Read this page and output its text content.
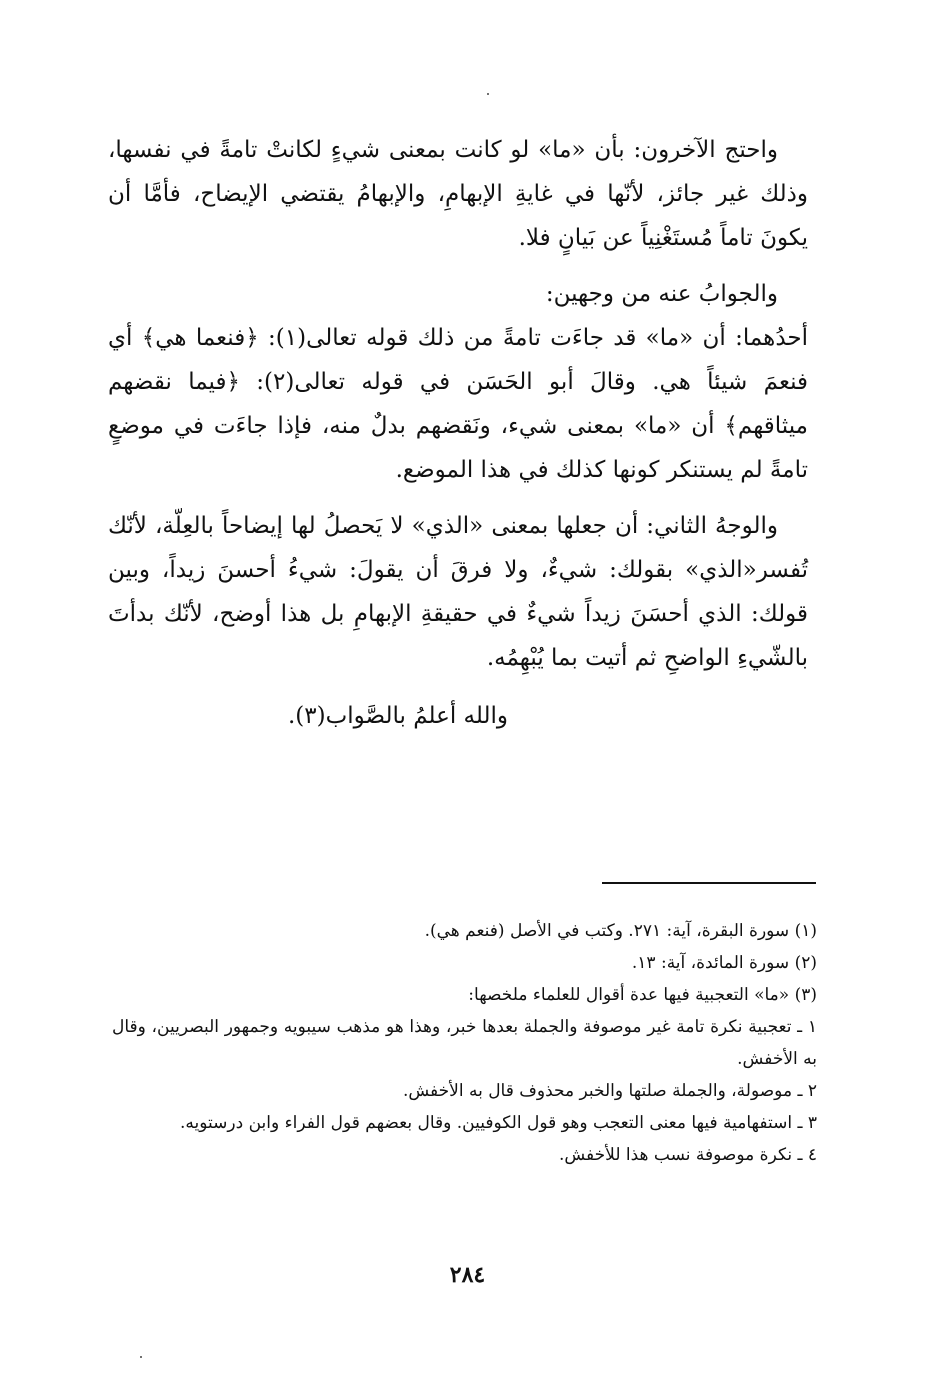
واحتج الآخرون: بأن «ما» لو كانت بمعنى شيءٍ لكانتْ تامةً في نفسها، وذلك غير جائز، لأنّها في غايةِ الإبهامِ، والإبهامُ يقتضي الإيضاح، فأمَّا أن يكونَ تاماً مُستَغْنِياً عن بَيانٍ فلا.

والجوابُ عنه من وجهين:

أحدُهما: أن «ما» قد جاءَت تامةً من ذلك قوله تعالى(١): ﴿فنعما هي﴾ أي فنعمَ شيئاً هي. وقالَ أبو الحَسَن في قوله تعالى(٢): ﴿فيما نقضهم ميثاقهم﴾ أن «ما» بمعنى شيء، ونَقضهم بدلٌ منه، فإذا جاءَت في موضعٍ تامةً لم يستنكر كونها كذلك في هذا الموضع.

والوجهُ الثاني: أن جعلها بمعنى «الذي» لا يَحصلُ لها إيضاحاً بالعِلّة، لأنّك تُفسر«الذي» بقولك: شيءٌ، ولا فرقَ أن يقولَ: شيءُ أحسنَ زيداً، وبين قولك: الذي أحسَنَ زيداً شيءٌ في حقيقةِ الإبهامِ بل هذا أوضح، لأنّك بدأتَ بالشّيءِ الواضحِ ثم أتيت بما يُبْهِمُه.

والله أعلمُ بالصَّواب(٣).

(١) سورة البقرة، آية: ٢٧١. وكتب في الأصل (فنعم هي).

(٢) سورة المائدة، آية: ١٣.

(٣) «ما» التعجبية فيها عدة أقوال للعلماء ملخصها:

١ ـ تعجبية نكرة تامة غير موصوفة والجملة بعدها خبر، وهذا هو مذهب سيبويه وجمهور البصريين، وقال به الأخفش.

٢ ـ موصولة، والجملة صلتها والخبر محذوف قال به الأخفش.

٣ ـ استفهامية فيها معنى التعجب وهو قول الكوفيين. وقال بعضهم قول الفراء وابن درستويه.

٤ ـ نكرة موصوفة نسب هذا للأخفش.

٢٨٤
